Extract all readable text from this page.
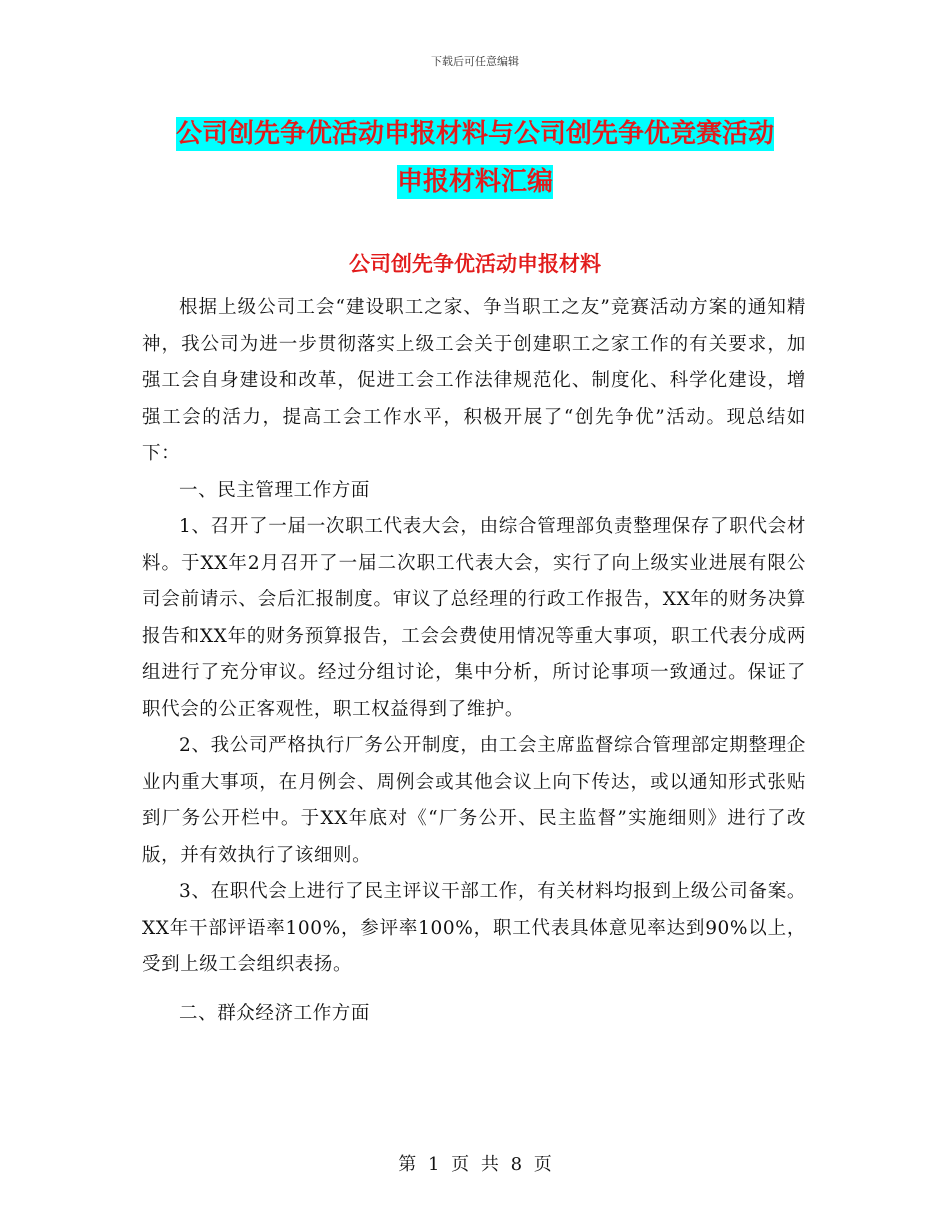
下载后可任意编辑
公司创先争优活动申报材料与公司创先争优竞赛活动
申报材料汇编
公司创先争优活动申报材料

根据上级公司工会“建设职工之家、争当职工之友”竞赛活动方案的通知精神，我公司为进一步贯彻落实上级工会关于创建职工之家工作的有关要求，加强工会自身建设和改革，促进工会工作法律规范化、制度化、科学化建设，增强工会的活力，提高工会工作水平，积极开展了“创先争优”活动。现总结如下：

一、民主管理工作方面

1、召开了一届一次职工代表大会，由综合管理部负责整理保存了职代会材料。于XX年2月召开了一届二次职工代表大会，实行了向上级实业进展有限公司会前请示、会后汇报制度。审议了总经理的行政工作报告，XX年的财务决算报告和XX年的财务预算报告，工会会费使用情况等重大事项，职工代表分成两组进行了充分审议。经过分组讨论，集中分析，所讨论事项一致通过。保证了职代会的公正客观性，职工权益得到了维护。

2、我公司严格执行厂务公开制度，由工会主席监督综合管理部定期整理企业内重大事项，在月例会、周例会或其他会议上向下传达，或以通知形式张贴到厂务公开栏中。于XX年底对《“厂务公开、民主监督”实施细则》进行了改版，并有效执行了该细则。

3、在职代会上进行了民主评议干部工作，有关材料均报到上级公司备案。XX年干部评语率100%，参评率100%，职工代表具体意见率达到90%以上，受到上级工会组织表扬。

二、群众经济工作方面

第 1 页 共 8 页
